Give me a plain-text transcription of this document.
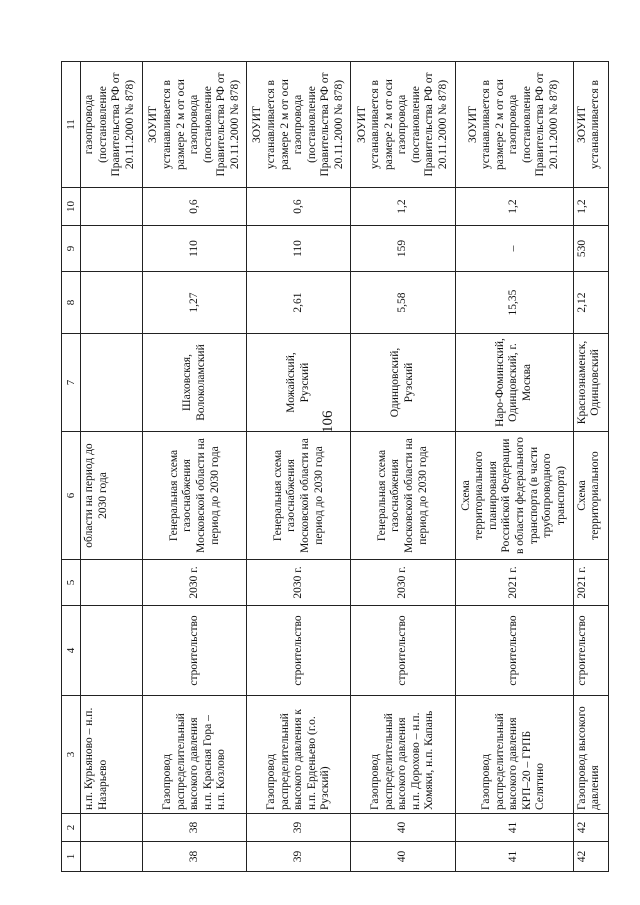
106
1	2	3	4	5	6	7	8	9	10	11
		н.п. Курьяново – н.п. Назарьево			области на период до 2030 года					газопровода (постановление Правительства РФ от 20.11.2000 № 878)
38	38	Газопровод распределительный высокого давления н.п. Красная Гора – н.п. Козлово	строительство	2030 г.	Генеральная схема газоснабжения Московской области на период до 2030 года	Шаховская, Волоколамский	1,27	110	0,6	ЗОУИТ устанавливается в размере 2 м от оси газопровода (постановление Правительства РФ от 20.11.2000 № 878)
39	39	Газопровод распределительный высокого давления к н.п. Ерденьево (г.о. Рузский)	строительство	2030 г.	Генеральная схема газоснабжения Московской области на период до 2030 года	Можайский, Рузский	2,61	110	0,6	ЗОУИТ устанавливается в размере 2 м от оси газопровода (постановление Правительства РФ от 20.11.2000 № 878)
40	40	Газопровод распределительный высокого давления н.п. Дорохово – н.п. Хомяки, н.п. Капань	строительство	2030 г.	Генеральная схема газоснабжения Московской области на период до 2030 года	Одинцовский, Рузский	5,58	159	1,2	ЗОУИТ устанавливается в размере 2 м от оси газопровода (постановление Правительства РФ от 20.11.2000 № 878)
41	41	Газопровод распределительный высокого давления КРП–20 – ГРПБ Селятино	строительство	2021 г.	Схема территориального планирования Российской Федерации в области федерального транспорта (в части трубопроводного транспорта)	Наро-Фоминский, Одинцовский, г. Москва	15,35	–	1,2	ЗОУИТ устанавливается в размере 2 м от оси газопровода (постановление Правительства РФ от 20.11.2000 № 878)
42	42	Газопровод высокого давления	строительство	2021 г.	Схема территориального	Краснознаменск, Одинцовский	2,12	530	1,2	ЗОУИТ устанавливается в
